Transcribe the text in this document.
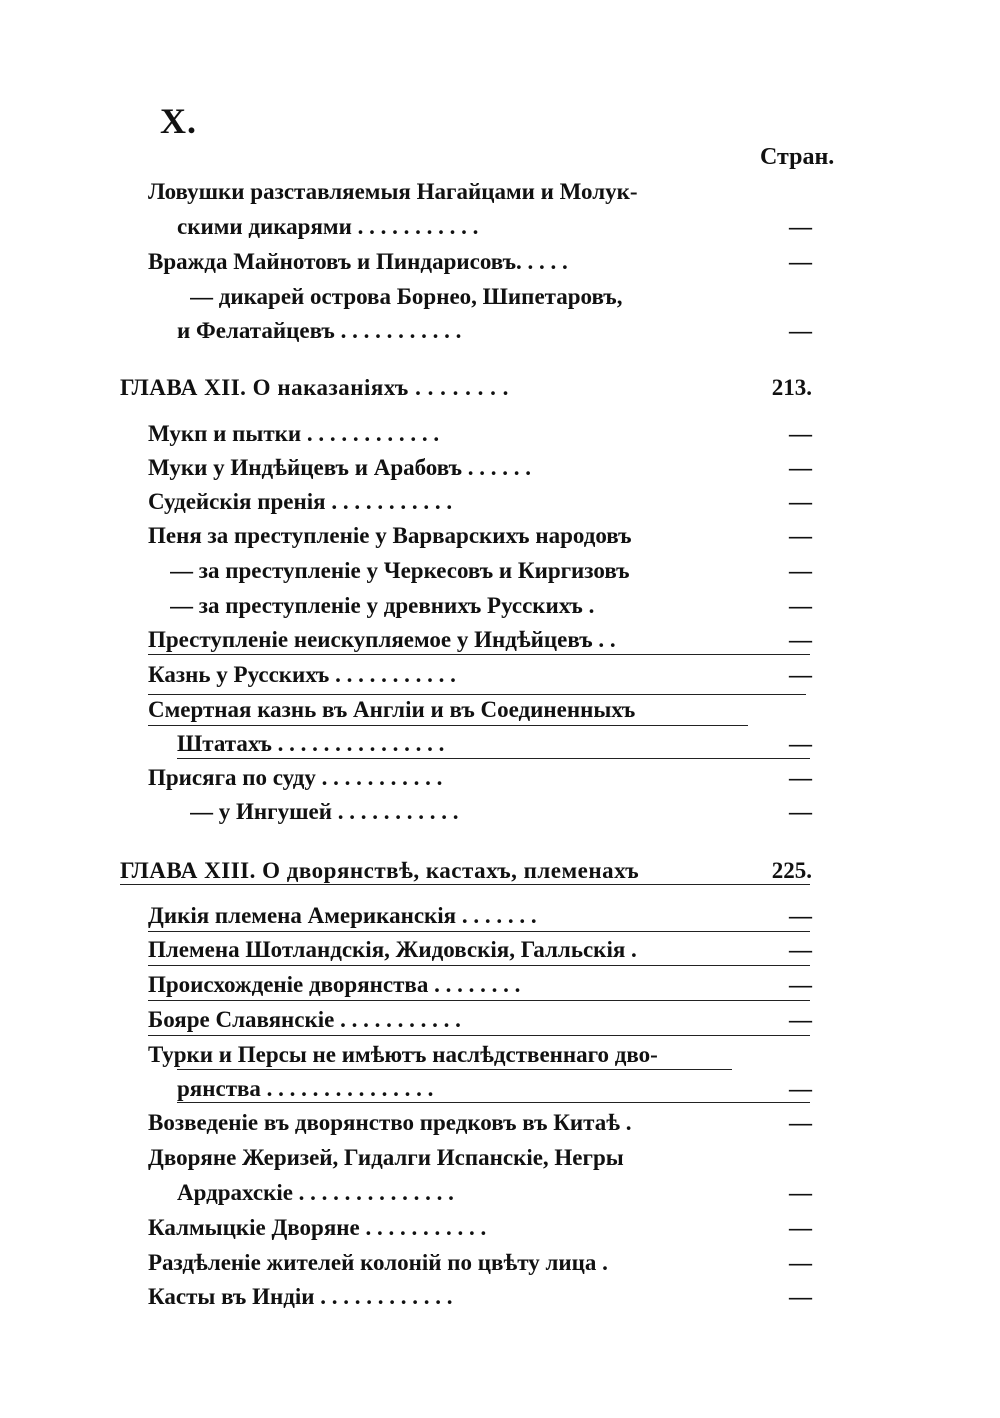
X.
Стран.
Ловушки разставляемыя Нагайцами и Молук-
скими дикарями . . . . . . . . . . .	—
Вражда Майнотовъ и Пиндарисовъ. . . . .	—
— дикарей острова Борнео, Шипетаровъ,
и Фелатайцевъ . . . . . . . . . . .	—
ГЛАВА XII. О наказаніяхъ . . . . . . . .	213.
Мукп и пытки . . . . . . . . . . . .	—
Муки у Индѣйцевъ и Арабовъ . . . . . .	—
Судейскія пренія . . . . . . . . . . .	—
Пеня за преступленіе у Варварскихъ народовъ	—
— за преступленіе у Черкесовъ и Киргизовъ	—
— за преступленіе у древнихъ Русскихъ .	—
Преступленіе неискупляемое у Индѣйцевъ . .	—
Казнь у Русскихъ . . . . . . . . . . .	—
Смертная казнь въ Англіи и въ Соединенныхъ
Штатахъ . . . . . . . . . . . . . . .	—
Присяга по суду . . . . . . . . . . .	—
— у Ингушей . . . . . . . . . . .	—
ГЛАВА XIII. О дворянствѣ, кастахъ, племенахъ	225.
Дикія племена Американскія . . . . . . .	—
Племена Шотландскія, Жидовскія, Галльскія .	—
Происхожденіе дворянства . . . . . . . .	—
Бояре Славянскіе . . . . . . . . . . .	—
Турки и Персы не имѣютъ наслѣдственнаго дво-
рянства . . . . . . . . . . . . . . .	—
Возведеніе въ дворянство предковъ въ Китаѣ .	—
Дворяне Жеризей, Гидалги Испанскіе, Негры
Ардрахскіе . . . . . . . . . . . . . .	—
Калмыцкіе Дворяне . . . . . . . . . . .	—
Раздѣленіе жителей колоній по цвѣту лица .	—
Касты въ Индіи . . . . . . . . . . . .	—
